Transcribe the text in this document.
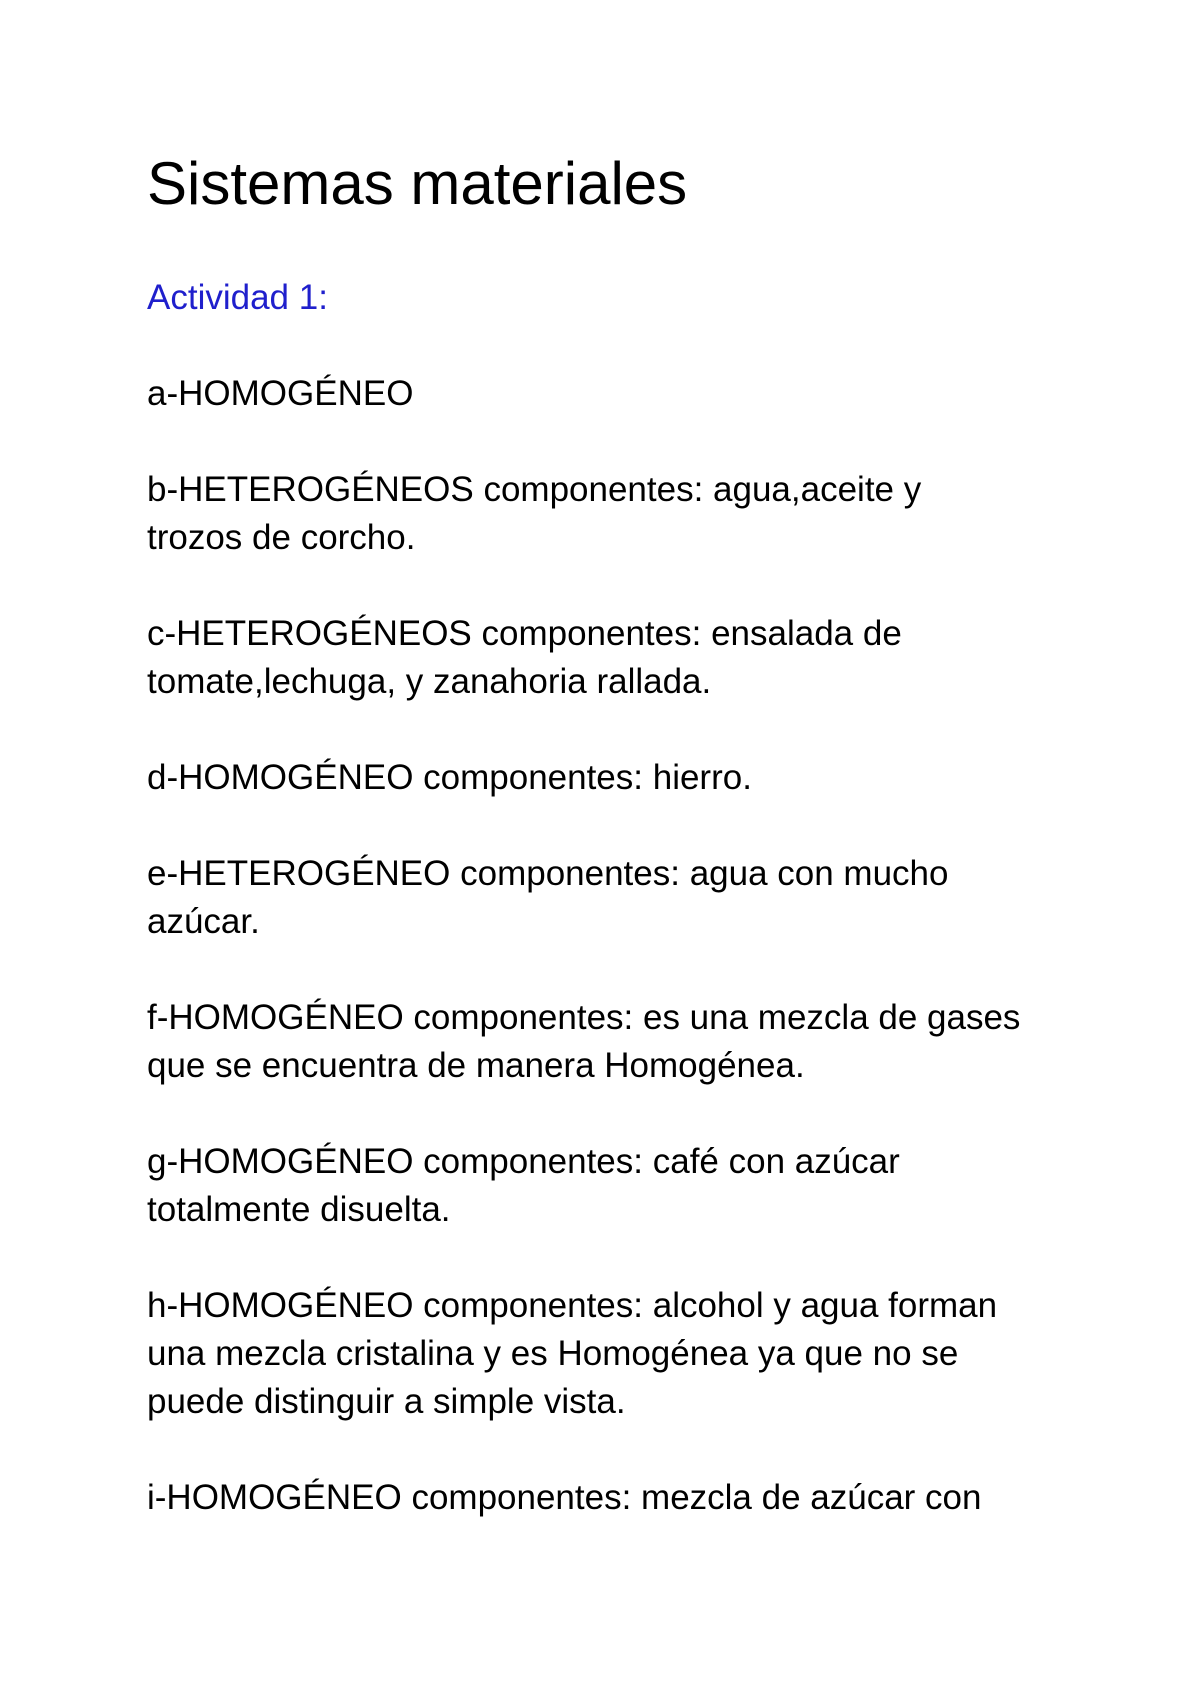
Sistemas materiales
Actividad 1:
a-HOMOGÉNEO
b-HETEROGÉNEOS componentes: agua,aceite y
trozos de corcho.
c-HETEROGÉNEOS componentes: ensalada de
tomate,lechuga, y zanahoria rallada.
d-HOMOGÉNEO componentes: hierro.
e-HETEROGÉNEO componentes: agua con mucho
azúcar.
f-HOMOGÉNEO componentes: es una mezcla de gases
que se encuentra de manera Homogénea.
g-HOMOGÉNEO componentes: café con azúcar
totalmente disuelta.
h-HOMOGÉNEO componentes: alcohol y agua forman
una mezcla cristalina y es Homogénea ya que no se
puede distinguir a simple vista.
i-HOMOGÉNEO componentes: mezcla de azúcar con
